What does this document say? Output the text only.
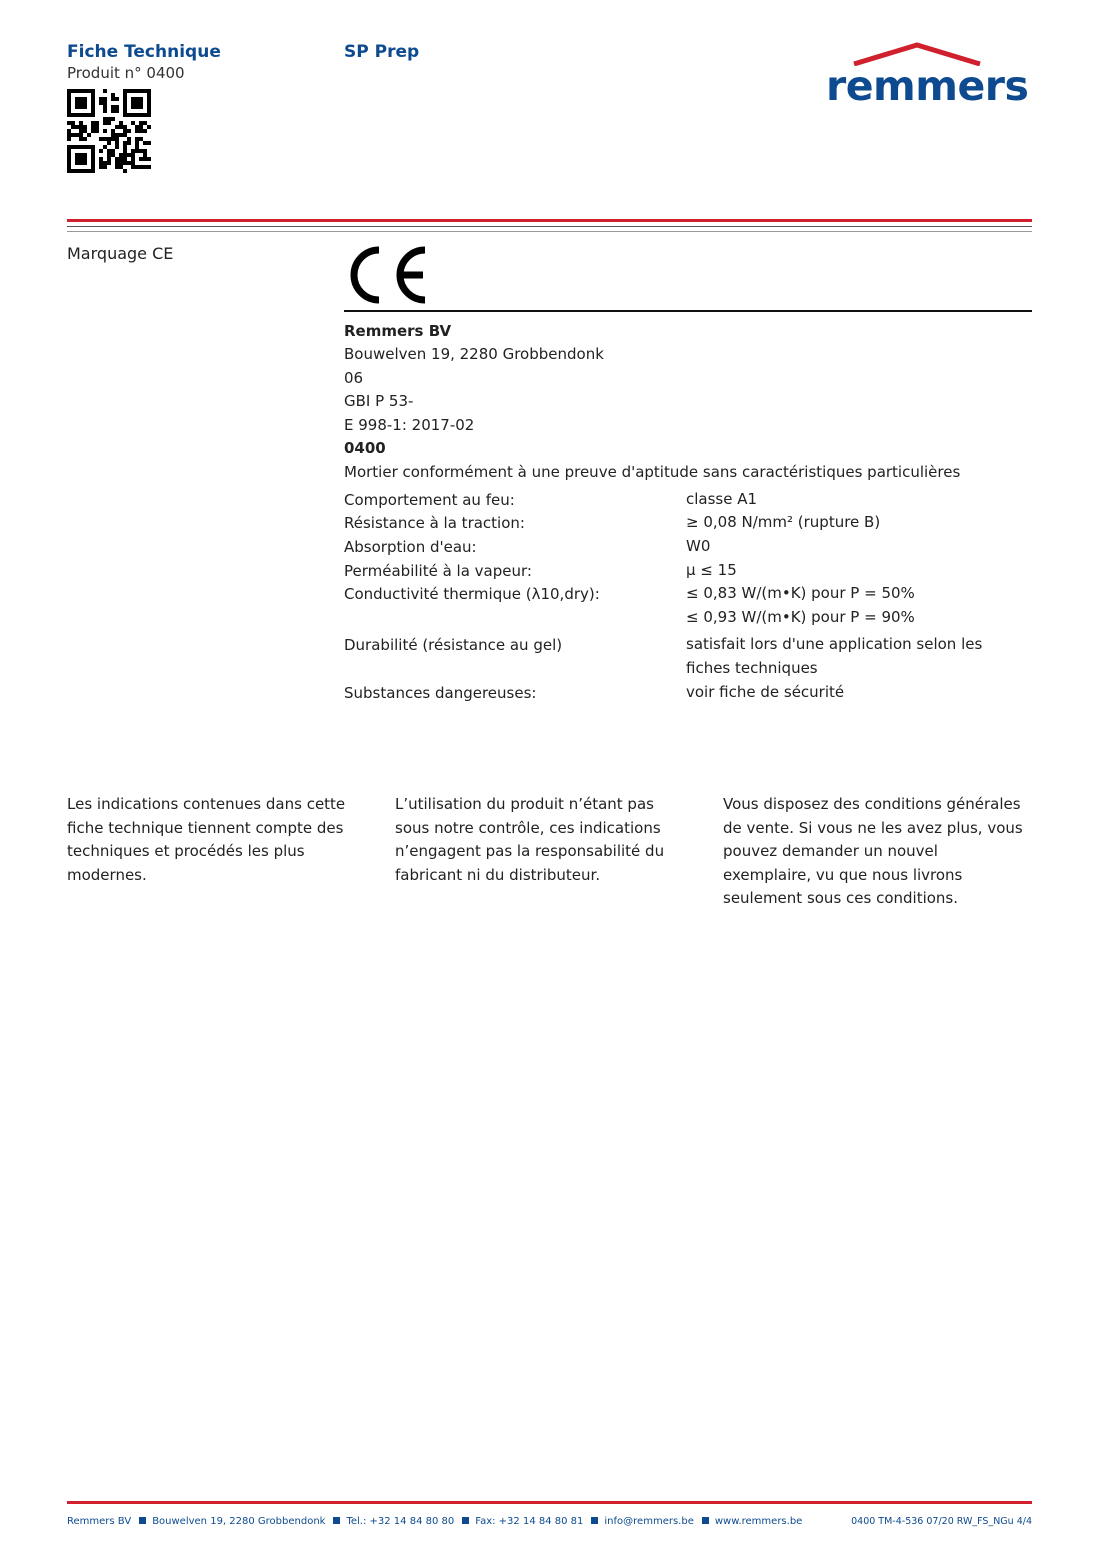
Fiche Technique
Produit n° 0400
SP Prep
remmers
Marquage CE
Remmers BV
Bouwelven 19, 2280 Grobbendonk
06
GBI P 53-
E 998-1: 2017-02
0400
Mortier conformément à une preuve d'aptitude sans caractéristiques particulières
Comportement au feu:	classe A1
Résistance à la traction:	≥ 0,08 N/mm² (rupture B)
Absorption d'eau:	W0
Perméabilité à la vapeur:	μ ≤ 15
Conductivité thermique (λ10,dry):	≤ 0,83 W/(m•K) pour P = 50%
≤ 0,93 W/(m•K) pour P = 90%
Durabilité (résistance au gel)	satisfait lors d'une application selon les fiches techniques
Substances dangereuses:	voir fiche de sécurité
Les indications contenues dans cette fiche technique tiennent compte des techniques et procédés les plus modernes.
L’utilisation du produit n’étant pas sous notre contrôle, ces indications n’engagent pas la responsabilité du fabricant ni du distributeur.
Vous disposez des conditions générales de vente. Si vous ne les avez plus, vous pouvez demander un nouvel exemplaire, vu que nous livrons seulement sous ces conditions.
Remmers BV Bouwelven 19, 2280 Grobbendonk Tel.: +32 14 84 80 80 Fax: +32 14 84 80 81 info@remmers.be www.remmers.be	0400 TM-4-536 07/20 RW_FS_NGu 4/4
